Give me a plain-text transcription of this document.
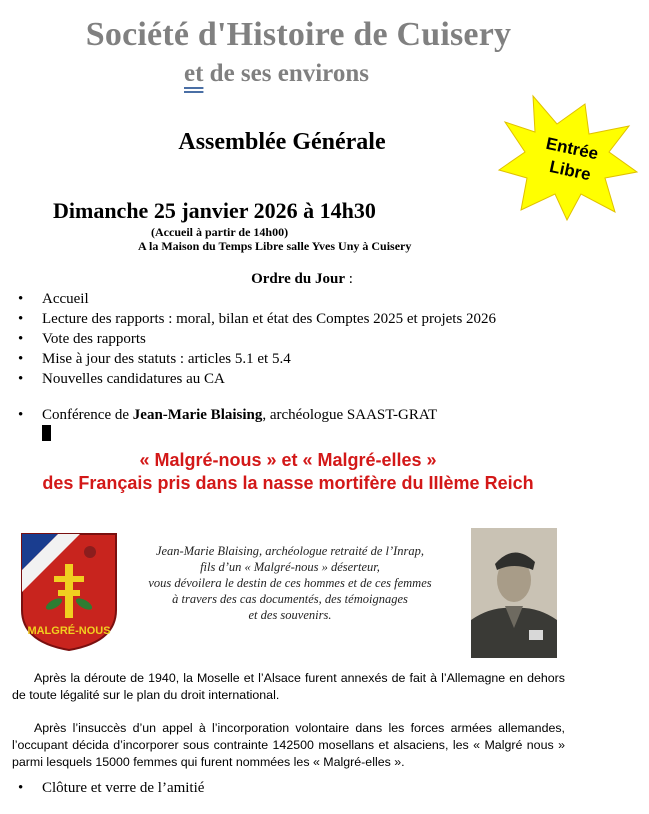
Société d'Histoire de Cuisery
et de ses environs
Entrée
Libre
Assemblée Générale
Dimanche 25 janvier 2026 à 14h30
(Accueil à partir de 14h00)
A la Maison du Temps Libre salle Yves Uny à Cuisery
Ordre du Jour :
• Accueil
• Lecture des rapports : moral, bilan et état des Comptes 2025 et projets 2026
• Vote des rapports
• Mise à jour des statuts : articles 5.1 et 5.4
• Nouvelles candidatures au CA
• Conférence de Jean-Marie Blaising, archéologue SAAST-GRAT
« Malgré-nous » et « Malgré-elles »
des Français pris dans la nasse mortifère du IIIème Reich
MALGRÉ-NOUS
Jean-Marie Blaising, archéologue retraité de l’Inrap,
fils d’un « Malgré-nous » déserteur,
vous dévoilera le destin de ces hommes et de ces femmes
à travers des cas documentés, des témoignages
et des souvenirs.
Après la déroute de 1940, la Moselle et l’Alsace furent annexés de fait à l’Allemagne en dehors de toute légalité sur le plan du droit international.
Après l’insuccès d’un appel à l’incorporation volontaire dans les forces armées allemandes, l’occupant décida d’incorporer sous contrainte 142500 mosellans et alsaciens, les « Malgré nous » parmi lesquels 15000 femmes qui furent nommées les « Malgré-elles ».
• Clôture et verre de l’amitié
